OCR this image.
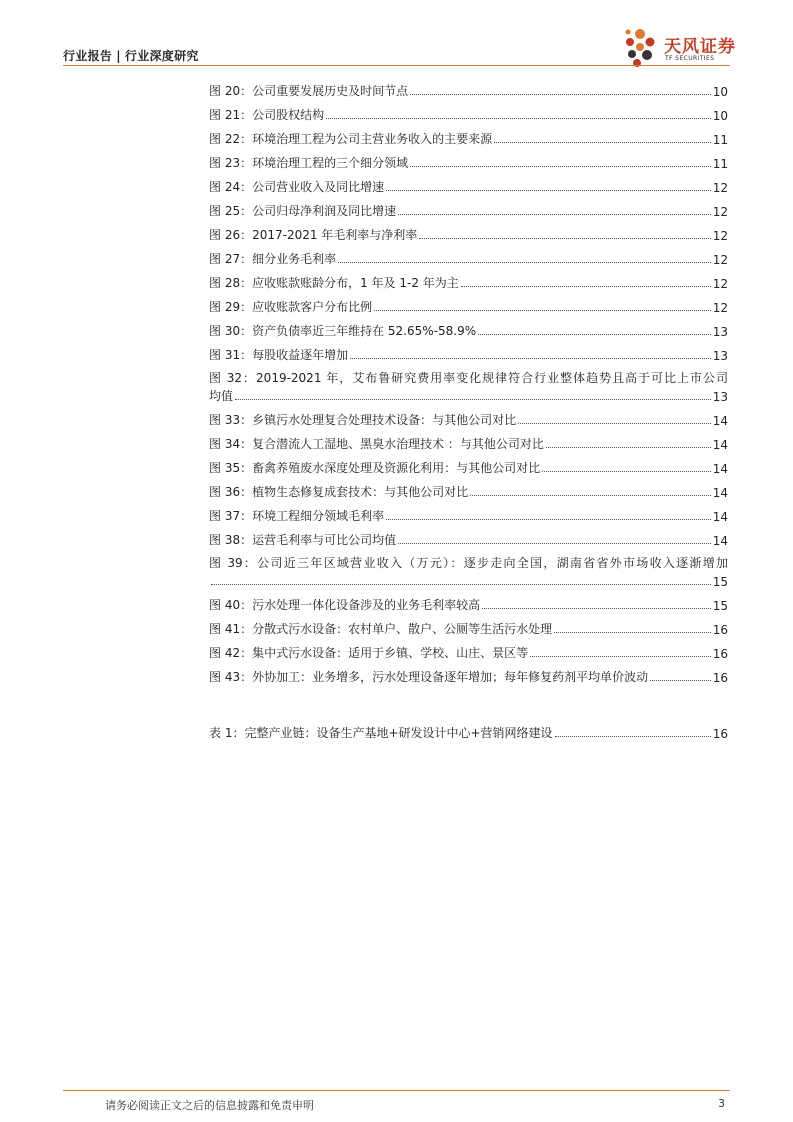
行业报告 | 行业深度研究	天风证券
TF SECURITIES
图 20：公司重要发展历史及时间节点	10
图 21：公司股权结构	10
图 22：环境治理工程为公司主营业务收入的主要来源	11
图 23：环境治理工程的三个细分领域	11
图 24：公司营业收入及同比增速	12
图 25：公司归母净利润及同比增速	12
图 26：2017-2021 年毛利率与净利率	12
图 27：细分业务毛利率	12
图 28：应收账款账龄分布，1 年及 1-2 年为主	12
图 29：应收账款客户分布比例	12
图 30：资产负债率近三年维持在 52.65%-58.9%	13
图 31：每股收益逐年增加	13
图 32：2019-2021 年，艾布鲁研究费用率变化规律符合行业整体趋势且高于可比上市公司
均值	13
图 33：乡镇污水处理复合处理技术设备：与其他公司对比	14
图 34：复合潜流人工湿地、黑臭水治理技术 ：与其他公司对比	14
图 35：畜禽养殖废水深度处理及资源化利用：与其他公司对比	14
图 36：植物生态修复成套技术：与其他公司对比	14
图 37：环境工程细分领域毛利率	14
图 38：运营毛利率与可比公司均值	14
图 39：公司近三年区域营业收入（万元）：逐步走向全国，湖南省省外市场收入逐渐增加
15
图 40：污水处理一体化设备涉及的业务毛利率较高	15
图 41：分散式污水设备：农村单户、散户、公厕等生活污水处理	16
图 42：集中式污水设备：适用于乡镇、学校、山庄、景区等	16
图 43：外协加工：业务增多，污水处理设备逐年增加；每年修复药剂平均单价波动	16
表 1：完整产业链：设备生产基地+研发设计中心+营销网络建设	16
请务必阅读正文之后的信息披露和免责申明	3
